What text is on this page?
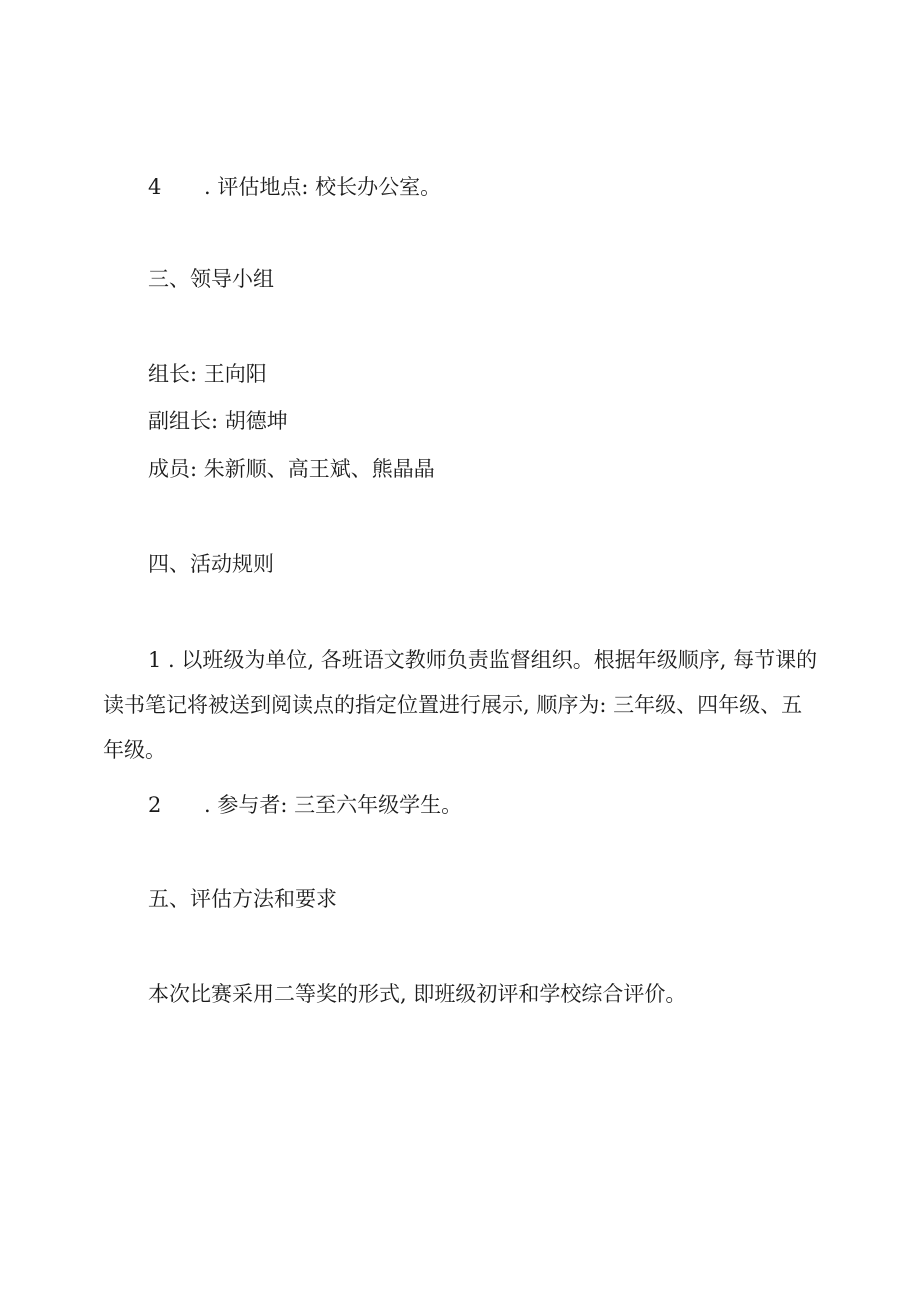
4 . 评估地点: 校长办公室。
三、领导小组
组长: 王向阳
副组长: 胡德坤
成员: 朱新顺、高王斌、熊晶晶
四、活动规则
1 . 以班级为单位, 各班语文教师负责监督组织。根据年级顺序, 每节课的读书笔记将被送到阅读点的指定位置进行展示, 顺序为: 三年级、四年级、五年级。
2 . 参与者: 三至六年级学生。
五、评估方法和要求
本次比赛采用二等奖的形式, 即班级初评和学校综合评价。
